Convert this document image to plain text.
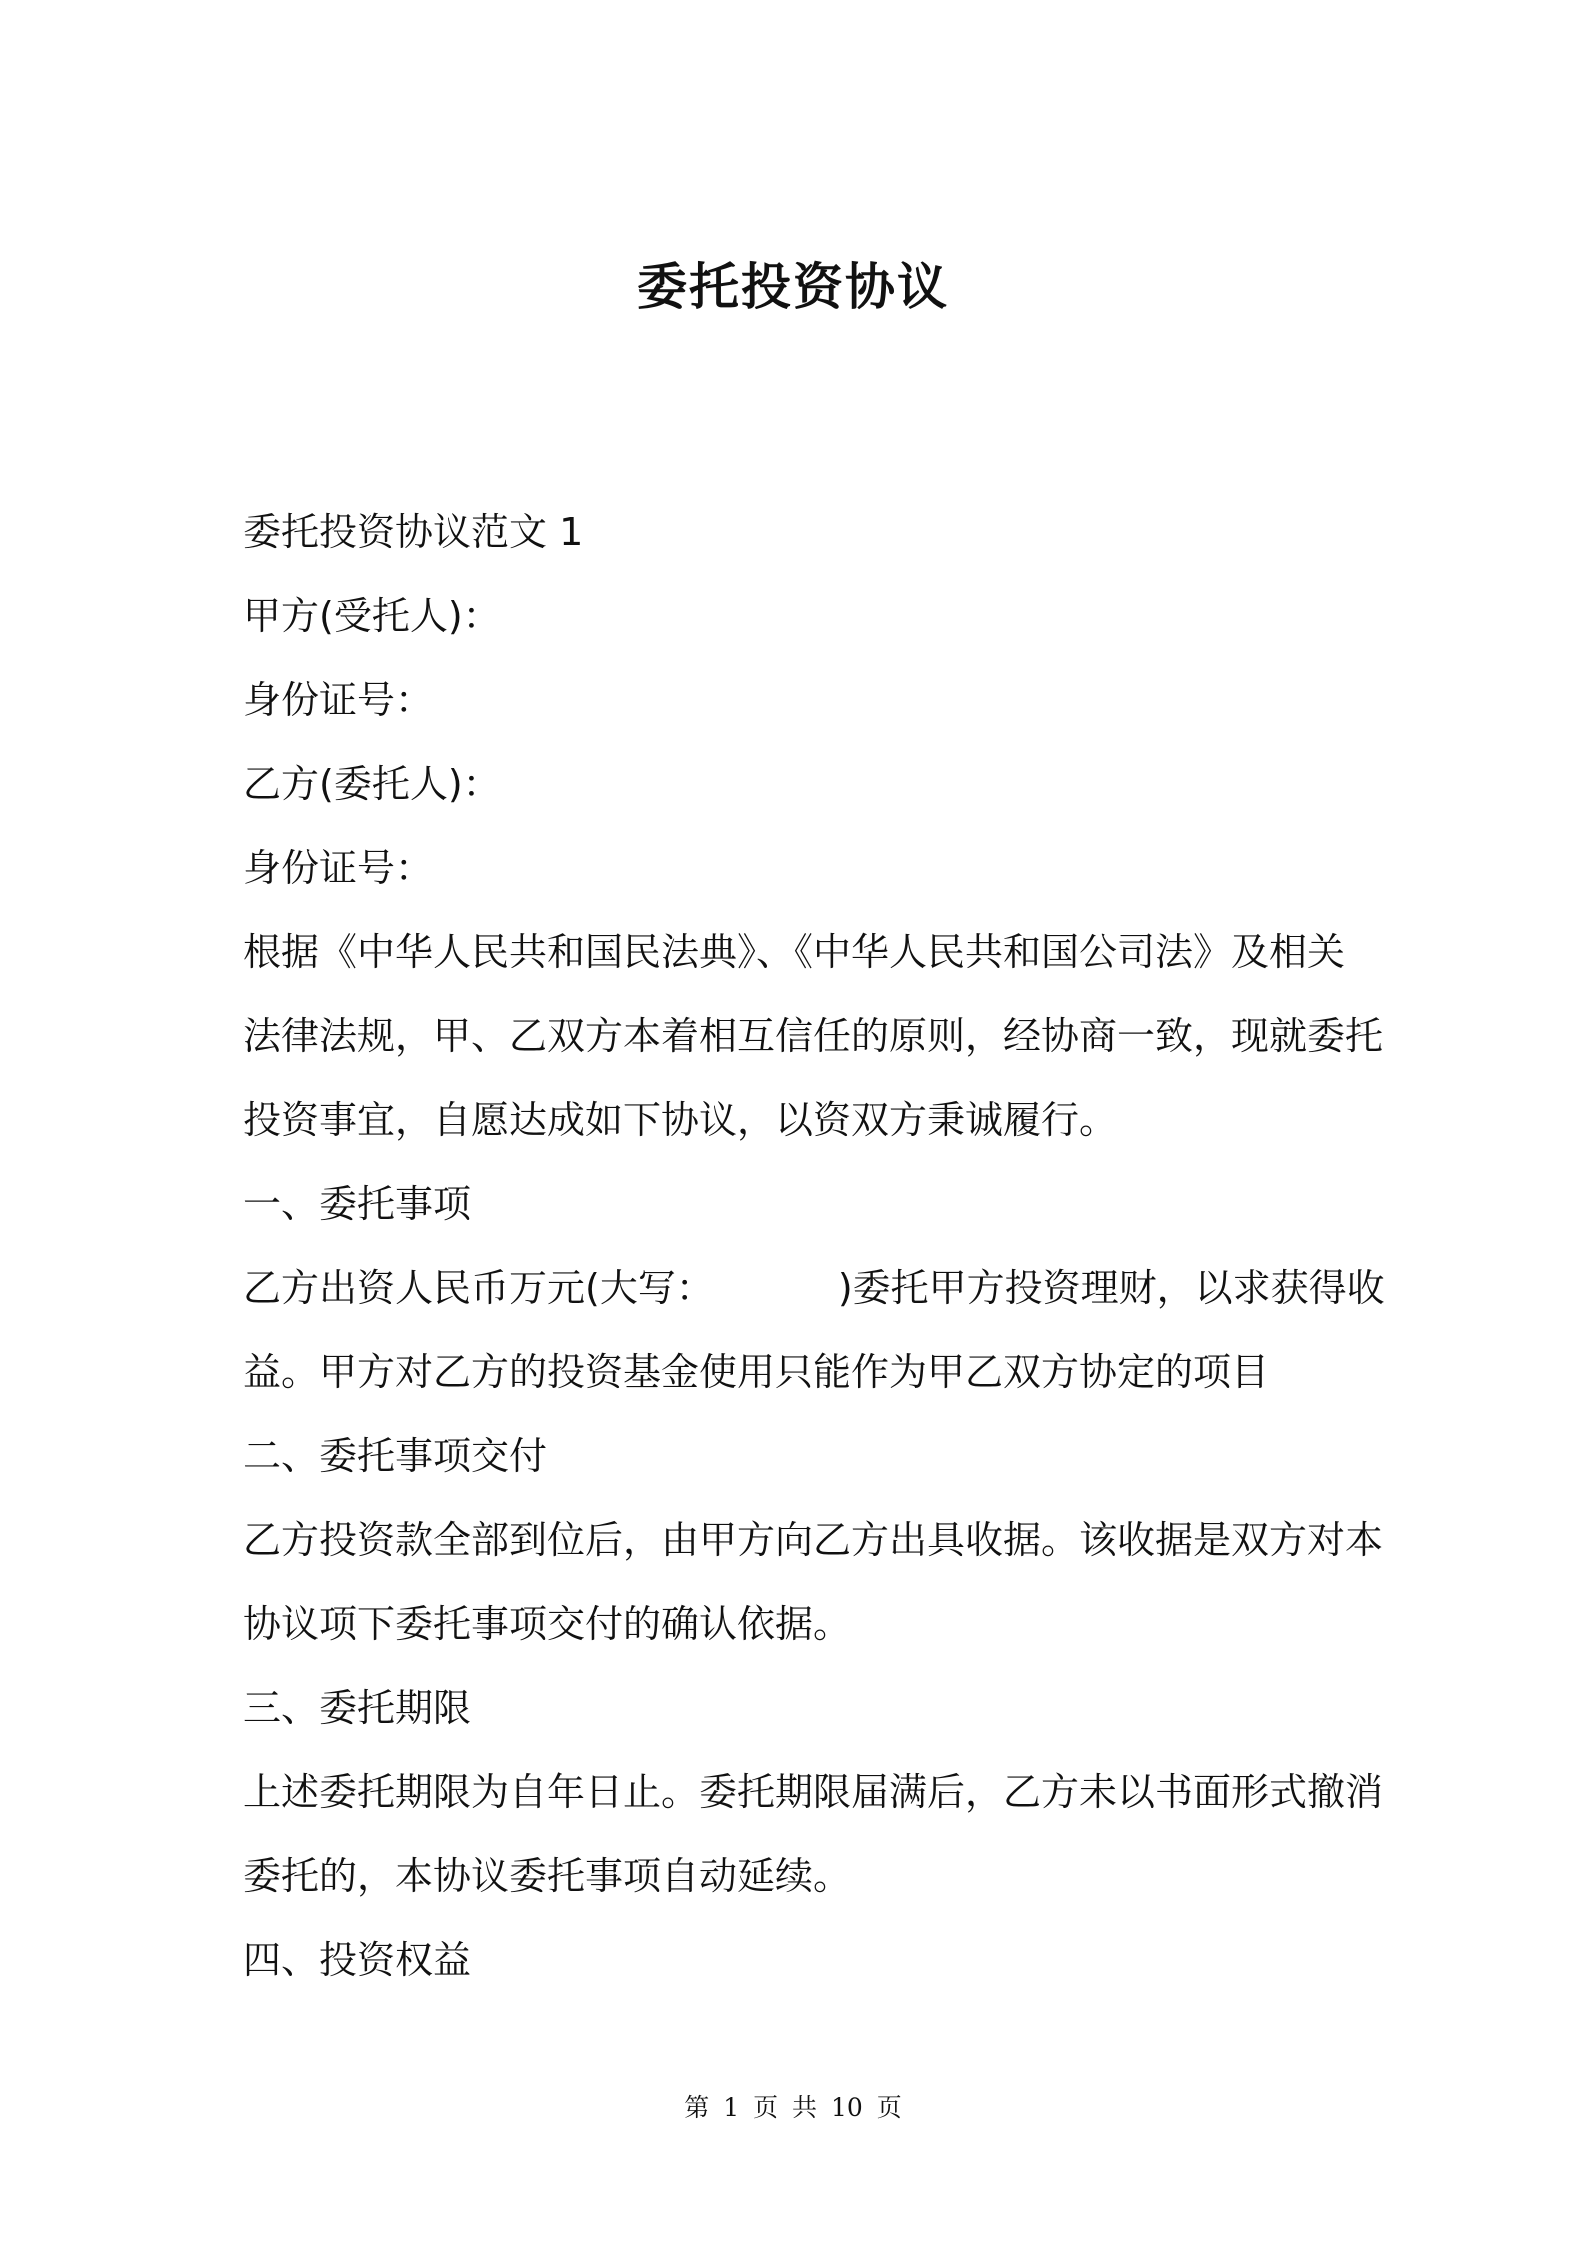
委托投资协议
委托投资协议范文 1
甲方(受托人)：
身份证号：
乙方(委托人)：
身份证号：
根据《中华人民共和国民法典》、《中华人民共和国公司法》及相关
法律法规，甲、乙双方本着相互信任的原则，经协商一致，现就委托
投资事宜，自愿达成如下协议，以资双方秉诚履行。
一、委托事项
乙方出资人民币万元(大写：	)委托甲方投资理财，以求获得收
益。甲方对乙方的投资基金使用只能作为甲乙双方协定的项目
二、委托事项交付
乙方投资款全部到位后，由甲方向乙方出具收据。该收据是双方对本
协议项下委托事项交付的确认依据。
三、委托期限
上述委托期限为自年日止。委托期限届满后，乙方未以书面形式撤消
委托的，本协议委托事项自动延续。
四、投资权益
第 1 页 共 10 页
